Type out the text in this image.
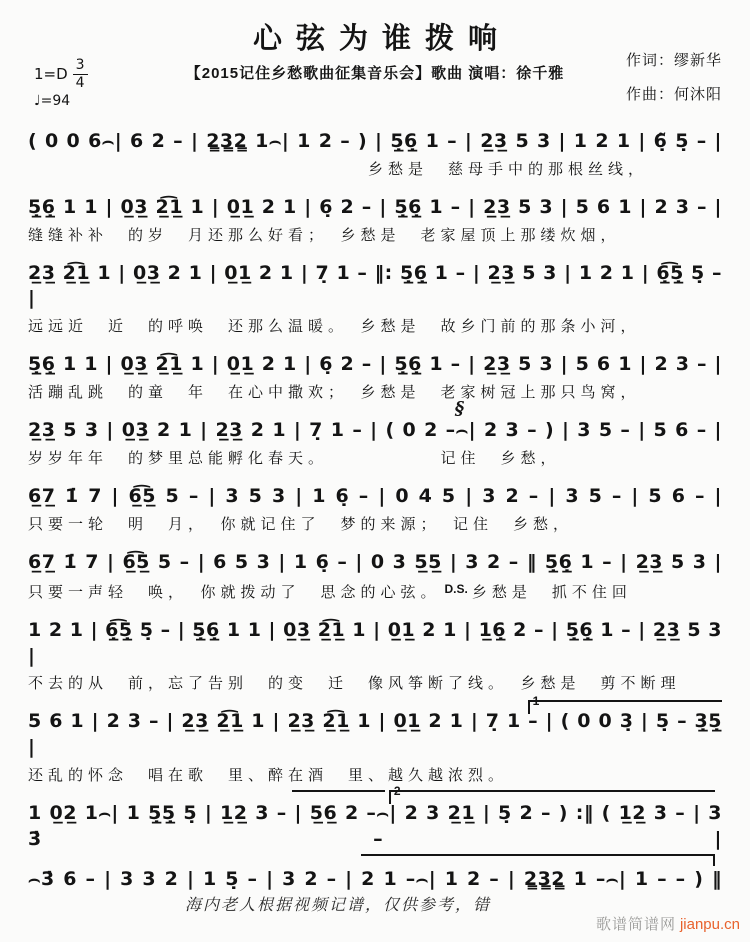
心弦为谁拨响
$1=D \frac{3}{4}$
♩=94
【2015记住乡愁歌曲征集音乐会】歌曲 演唱：徐千雅
作词：缪新华
作曲：何沐阳
( 0 0 6⌢| 6 2 – | 2̳3̳2̳ 1⌢| 1 2 – ) | 5̲̣6̲̣ 1 – | 2̲3̲ 5 3 | 1 2 1 | 6̣̃ 5̣ – |
乡愁是　慈母手中的那根丝线，
5̲̣6̲̣ 1 1 | 0̲3̲ 2̲͡1̲ 1 | 0̲1̲ 2 1 | 6̣ 2 – | 5̲̣6̲̣ 1 – | 2̲3̲ 5 3 | 5 6 1 | 2 3 – |
缝缝补补　的岁　月还那么好看；　乡愁是　老家屋顶上那缕炊烟，
2̲3̲ 2̲͡1̲ 1 | 0̲3̲ 2 1 | 0̲1̲ 2 1 | 7̣ 1 – ‖: 5̲̣6̲̣ 1 – | 2̲3̲ 5 3 | 1 2 1 | 6̲̣͡5̲̣ 5̣ – |
远远近　近　的呼唤　还那么温暖。　乡愁是　故乡门前的那条小河，
5̲̣6̲̣ 1 1 | 0̲3̲ 2̲͡1̲ 1 | 0̲1̲ 2 1 | 6̣ 2 – | 5̲̣6̲̣ 1 – | 2̲3̲ 5 3 | 5 6 1 | 2 3 – |
活蹦乱跳　的童　年　在心中撒欢；　乡愁是　老家树冠上那只鸟窝，
§
2̲3̲ 5 3 | 0̲3̲ 2 1 | 2̲3̲ 2 1 | 7̣ 1 – | ( 0 2 –⌢| 2 3 – ) | 3 5 – | 5 6 – |
岁岁年年　的梦里总能孵化春天。　　　　　　记住　乡愁，
6̲7̲ 1̇ 7 | 6̲͡5̲ 5 – | 3 5 3 | 1 6̣ – | 0 4 5 | 3 2 – | 3 5 – | 5 6 – |
只要一轮　明　月，　你就记住了　梦的来源；　记住　乡愁，
6̲7̲ 1̇ 7 | 6̲͡5̲ 5 – | 6 5 3 | 1 6̣ – | 0 3 5̲5̲ | 3 2 – ‖ 5̲̣6̲̣ 1 – | 2̲3̲ 5 3 |
只要一声轻　唤，　你就拨动了　思念的心弦。 $^{D.S.}$ 乡愁是　抓不住回
1 2 1 | 6̲̣͡5̲̣ 5̣ – | 5̲̣6̲̣ 1 1 | 0̲3̲ 2̲͡1̲ 1 | 0̲1̲ 2 1 | 1̲6̲̣ 2 – | 5̲̣6̲̣ 1 – | 2̲3̲ 5 3 |
不去的从　前，忘了告别　的变　迁　像风筝断了线。　乡愁是　剪不断理
1
5 6 1 | 2 3 – | 2̲3̲ 2̲͡1̲ 1 | 2̲3̲ 2̲͡1̲ 1 | 0̲1̲ 2 1 | 7̣ 1 – | ( 0 0 3̣ | 5̣ – 3̲̣5̲̣ |
还乱的怀念　唱在歌　里、醉在酒　里、越久越浓烈。
2
1 0̲2̲ 1⌢| 1 5̲̣5̲̣ 5̣ | 1̲2̲ 3 – | 5̲6̲ 2 –⌢| 2 3 2̲1̲ | 5̣ 2 – ) :‖ ( 1̲2̲ 3 – | 3 3̇ – |
⌢3̇ 6 – | 3 3 2 | 1 5̣ – | 3 2 – | 2 1 –⌢| 1 2 – | 2̳3̳2̳ 1 –⌢| 1 – – ) ‖
海内老人根据视频记谱，仅供参考，错
歌谱简谱网 jianpu.cn
